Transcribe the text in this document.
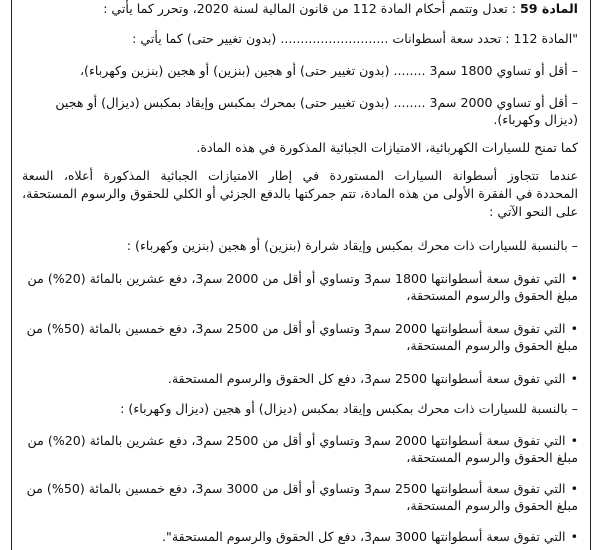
المادة 59 : تعدل وتتمم أحكام المادة 112 من قانون المالية لسنة 2020، وتحرر كما يأتي :
"المادة 112 : تحدد سعة أسطوانات ........................... (بدون تغيير حتى) كما يأتي :
– أقل أو تساوي 1800 سم3 ........ (بدون تغيير حتى) أو هجين (بنزين) أو هجين (بنزين وكهرباء)،
– أقل أو تساوي 2000 سم3 ........ (بدون تغيير حتى) بمحرك بمكبس وإيقاد بمكبس (ديزال) أو هجين
(ديزال وكهرباء).
كما تمنح للسيارات الكهربائية، الامتيازات الجبائية المذكورة في هذه المادة.
عندما تتجاوز أسطوانة السيارات المستوردة في إطار الامتيازات الجبائية المذكورة أعلاه، السعة
المحددة في الفقرة الأولى من هذه المادة، تتم جمركتها بالدفع الجزئي أو الكلي للحقوق والرسوم المستحقة،
على النحو الآتي :
– بالنسبة للسيارات ذات محرك بمكبس وإيقاد شرارة (بنزين) أو هجين (بنزين وكهرباء) :
•التي تفوق سعة أسطوانتها 1800 سم3 وتساوي أو أقل من 2000 سم3، دفع عشرين بالمائة (20%) من
مبلغ الحقوق والرسوم المستحقة،
•التي تفوق سعة أسطوانتها 2000 سم3 وتساوي أو أقل من 2500 سم3، دفع خمسين بالمائة (50%) من
مبلغ الحقوق والرسوم المستحقة،
•التي تفوق سعة أسطوانتها 2500 سم3، دفع كل الحقوق والرسوم المستحقة.
– بالنسبة للسيارات ذات محرك بمكبس وإيقاد بمكبس (ديزال) أو هجين (ديزال وكهرباء) :
•التي تفوق سعة أسطوانتها 2000 سم3 وتساوي أو أقل من 2500 سم3، دفع عشرين بالمائة (20%) من
مبلغ الحقوق والرسوم المستحقة،
•التي تفوق سعة أسطوانتها 2500 سم3 وتساوي أو أقل من 3000 سم3، دفع خمسين بالمائة (50%) من
مبلغ الحقوق والرسوم المستحقة،
•التي تفوق سعة أسطوانتها 3000 سم3، دفع كل الحقوق والرسوم المستحقة".
